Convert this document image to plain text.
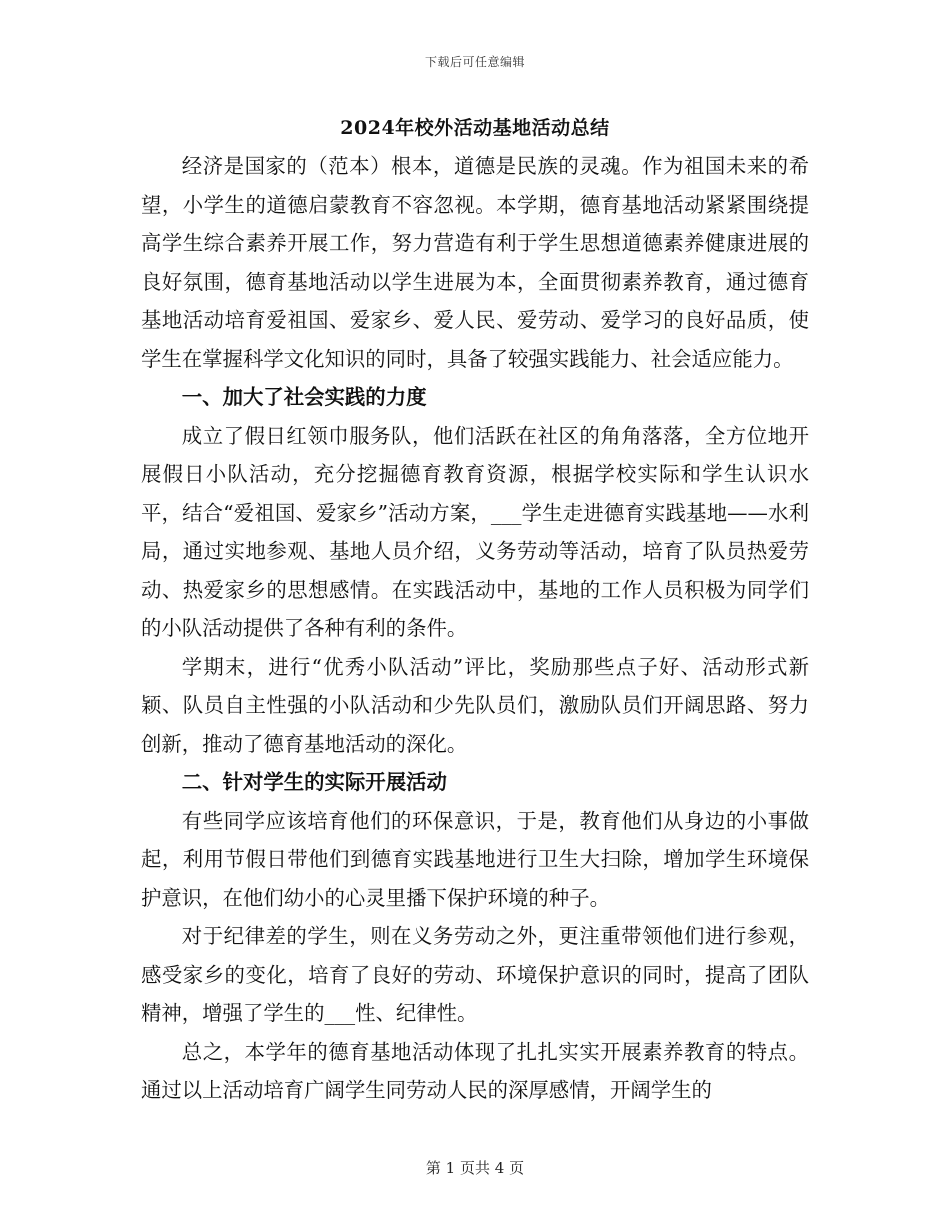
下载后可任意编辑
2024年校外活动基地活动总结

经济是国家的（范本）根本，道德是民族的灵魂。作为祖国未来的希望，小学生的道德启蒙教育不容忽视。本学期，德育基地活动紧紧围绕提高学生综合素养开展工作，努力营造有利于学生思想道德素养健康进展的良好氛围，德育基地活动以学生进展为本，全面贯彻素养教育，通过德育基地活动培育爱祖国、爱家乡、爱人民、爱劳动、爱学习的良好品质，使学生在掌握科学文化知识的同时，具备了较强实践能力、社会适应能力。

一、加大了社会实践的力度

成立了假日红领巾服务队，他们活跃在社区的角角落落，全方位地开展假日小队活动，充分挖掘德育教育资源，根据学校实际和学生认识水平，结合“爱祖国、爱家乡”活动方案，___学生走进德育实践基地——水利局，通过实地参观、基地人员介绍，义务劳动等活动，培育了队员热爱劳动、热爱家乡的思想感情。在实践活动中，基地的工作人员积极为同学们的小队活动提供了各种有利的条件。

学期末，进行“优秀小队活动”评比，奖励那些点子好、活动形式新颖、队员自主性强的小队活动和少先队员们，激励队员们开阔思路、努力创新，推动了德育基地活动的深化。

二、针对学生的实际开展活动

有些同学应该培育他们的环保意识，于是，教育他们从身边的小事做起，利用节假日带他们到德育实践基地进行卫生大扫除，增加学生环境保护意识，在他们幼小的心灵里播下保护环境的种子。

对于纪律差的学生，则在义务劳动之外，更注重带领他们进行参观，感受家乡的变化，培育了良好的劳动、环境保护意识的同时，提高了团队精神，增强了学生的___性、纪律性。

总之，本学年的德育基地活动体现了扎扎实实开展素养教育的特点。通过以上活动培育广阔学生同劳动人民的深厚感情，开阔学生的

第 1 页共 4 页
